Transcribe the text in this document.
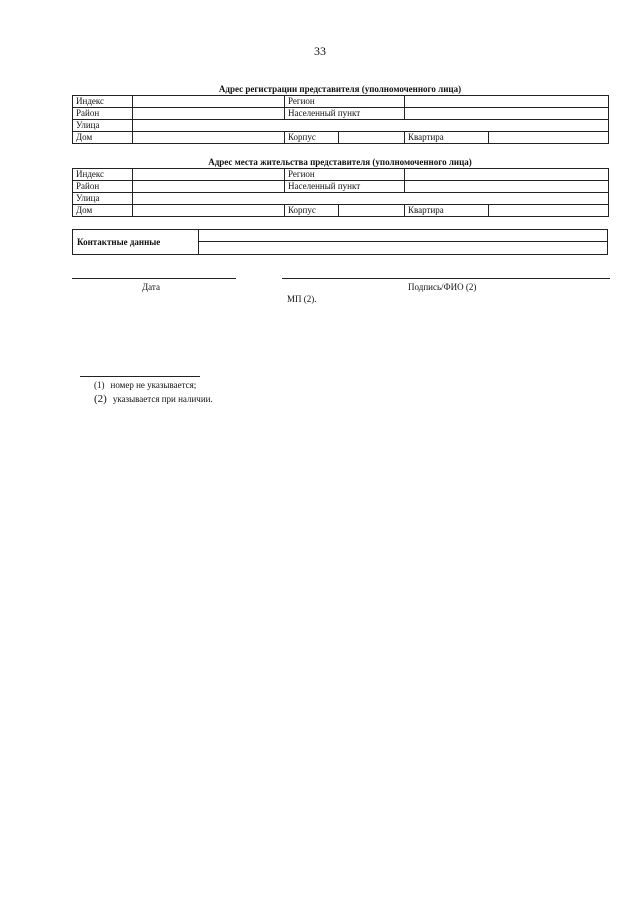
33
Адрес регистрации представителя (уполномоченного лица)
Индекс		Регион			
Район		Населенный пункт			
Улица					
Дом		Корпус		Квартира	
Адрес места жительства представителя (уполномоченного лица)
Индекс		Регион			
Район		Населенный пункт			
Улица					
Дом		Корпус		Квартира	
Контактные данные
Дата	Подпись/ФИО (2)
МП (2).
(1) номер не указывается;
(2) указывается при наличии.
